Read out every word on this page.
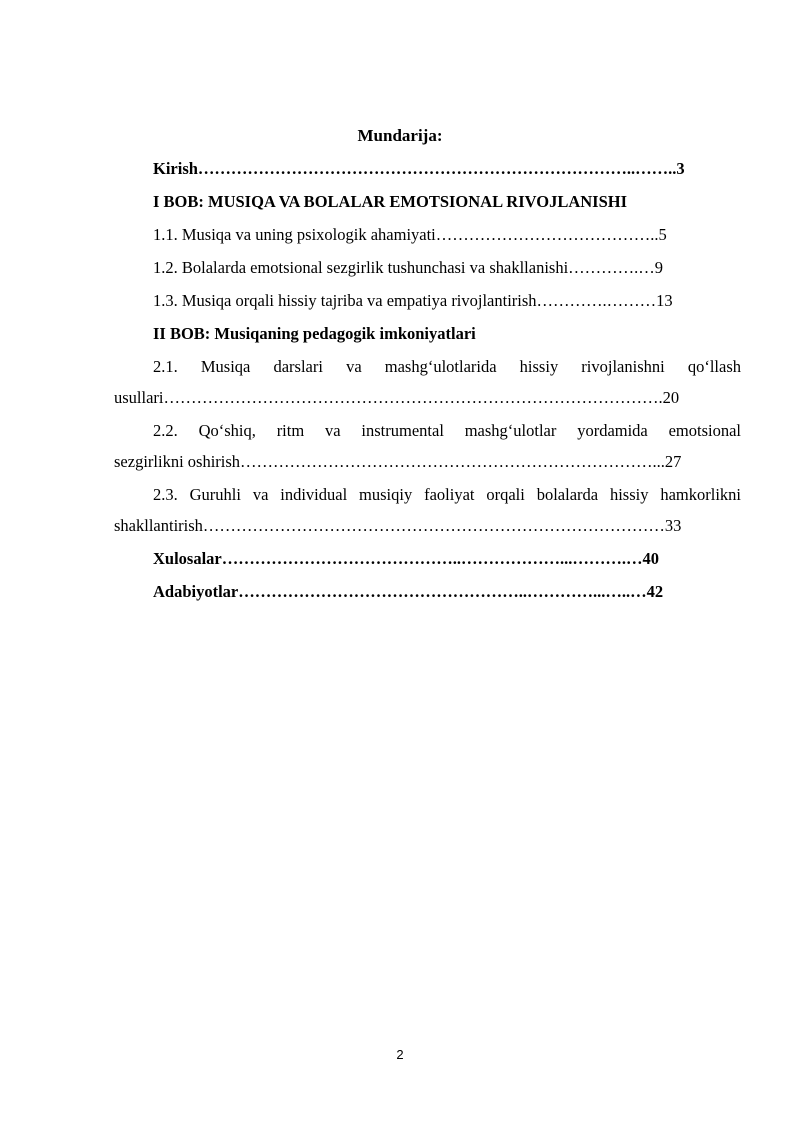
Mundarija:
Kirish……………………………………………………………………..……..3
I BOB: MUSIQA VA BOLALAR EMOTSIONAL RIVOJLANISHI
1.1. Musiqa va uning psixologik ahamiyati…………………………………..5
1.2. Bolalarda emotsional sezgirlik tushunchasi va shakllanishi………….…9
1.3. Musiqa orqali hissiy tajriba va empatiya rivojlantirish………….………13
II BOB: Musiqaning pedagogik imkoniyatlari
2.1. Musiqa darslari va mashg‘ulotlarida hissiy rivojlanishni qo‘llash
usullari……………………………………………………………………………….20
2.2. Qo‘shiq, ritm va instrumental mashg‘ulotlar yordamida emotsional
sezgirlikni oshirish…………………………………………………………………...27
2.3. Guruhli va individual musiqiy faoliyat orqali bolalarda hissiy hamkorlikni
shakllantirish…………………………………………………………………………33
Xulosalar……………………………………..………………...……….…40
Adabiyotlar……………………………………………..…………...…..…42
2
